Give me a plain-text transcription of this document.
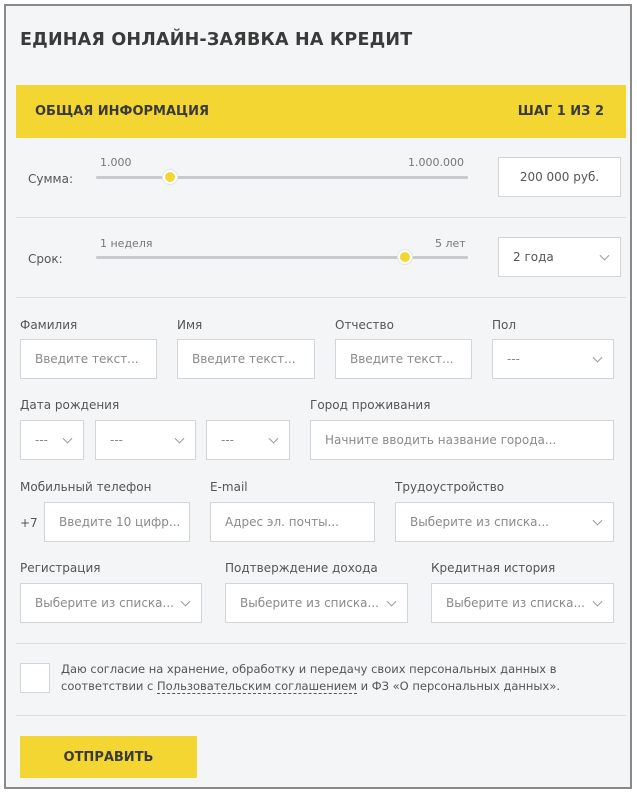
ЕДИНАЯ ОНЛАЙН-ЗАЯВКА НА КРЕДИТ
ОБЩАЯ ИНФОРМАЦИЯ	ШАГ 1 ИЗ 2
Сумма:
1.000	1.000.000
200 000 руб.
Срок:
1 неделя	5 лет
2 года
Фамилия
Введите текст...
Имя
Введите текст...
Отчество
Введите текст...
Пол
---
Дата рождения
---	---	---
Город проживания
Начните вводить название города...
Мобильный телефон
+7	Введите 10 цифр...
E-mail
Адрес эл. почты...
Трудоустройство
Выберите из списка...
Регистрация
Выберите из списка...
Подтверждение дохода
Выберите из списка...
Кредитная история
Выберите из списка...
Даю согласие на хранение, обработку и передачу своих персональных данных в соответствии с Пользовательским соглашением и ФЗ «О персональных данных».
ОТПРАВИТЬ
